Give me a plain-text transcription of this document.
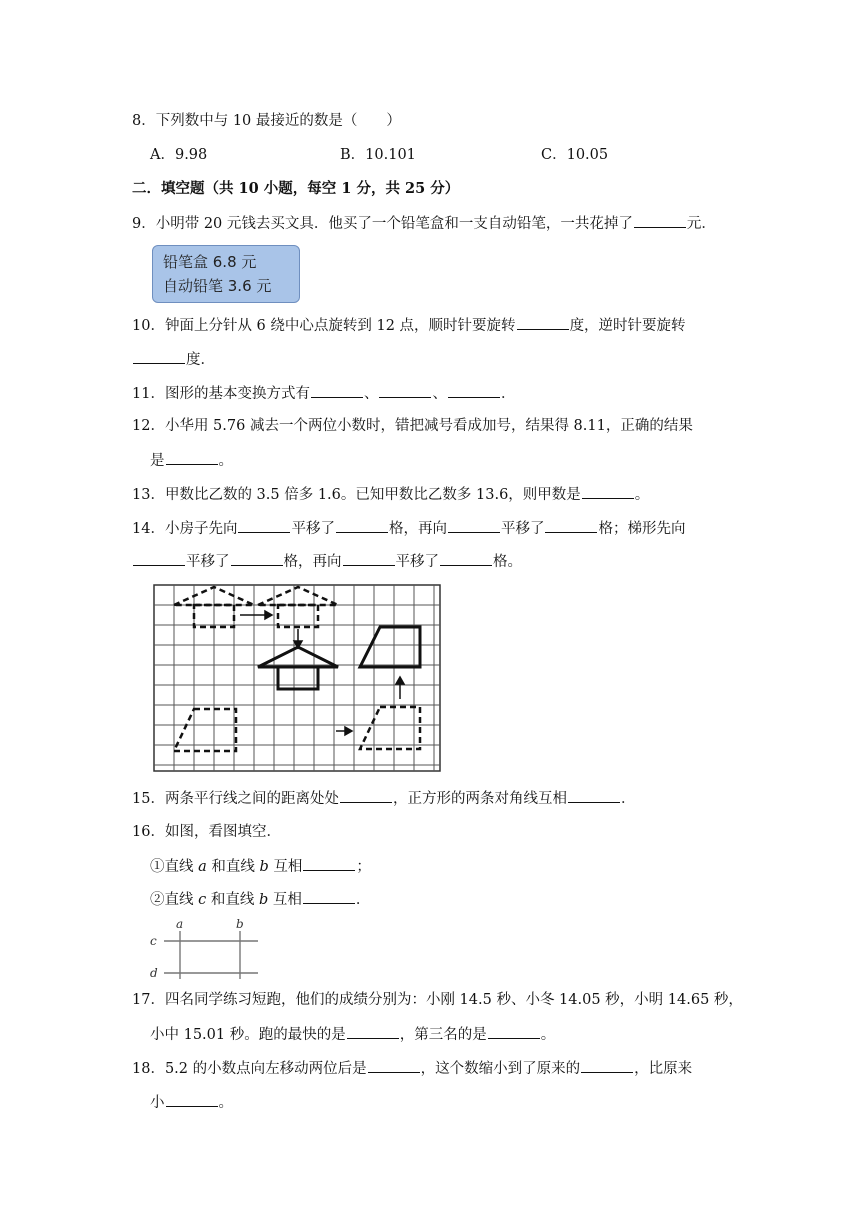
8．下列数中与 10 最接近的数是（　　）
A．9.98	B．10.101	C．10.05
二．填空题（共 10 小题，每空 1 分，共 25 分）
9．小明带 20 元钱去买文具．他买了一个铅笔盒和一支自动铅笔，一共花掉了	元．
铅笔盒 6.8 元
自动铅笔 3.6 元
10．钟面上分针从 6 绕中心点旋转到 12 点，顺时针要旋转	度，逆时针要旋转
度．
11．图形的基本变换方式有	、	、	．
12．小华用 5.76 减去一个两位小数时，错把减号看成加号，结果得 8.11，正确的结果
是	。
13．甲数比乙数的 3.5 倍多 1.6。已知甲数比乙数多 13.6，则甲数是	。
14．小房子先向	平移了	格，再向	平移了	格；梯形先向
平移了	格，再向	平移了	格。
15．两条平行线之间的距离处处	，正方形的两条对角线互相	．
16．如图，看图填空．
①直线 a 和直线 b 互相	；
②直线 c 和直线 b 互相	．
a	b
c
d
17．四名同学练习短跑，他们的成绩分别为：小刚 14.5 秒、小冬 14.05 秒，小明 14.65 秒，
小中 15.01 秒。跑的最快的是	，第三名的是	。
18．5.2 的小数点向左移动两位后是	，这个数缩小到了原来的	，比原来
小	。
